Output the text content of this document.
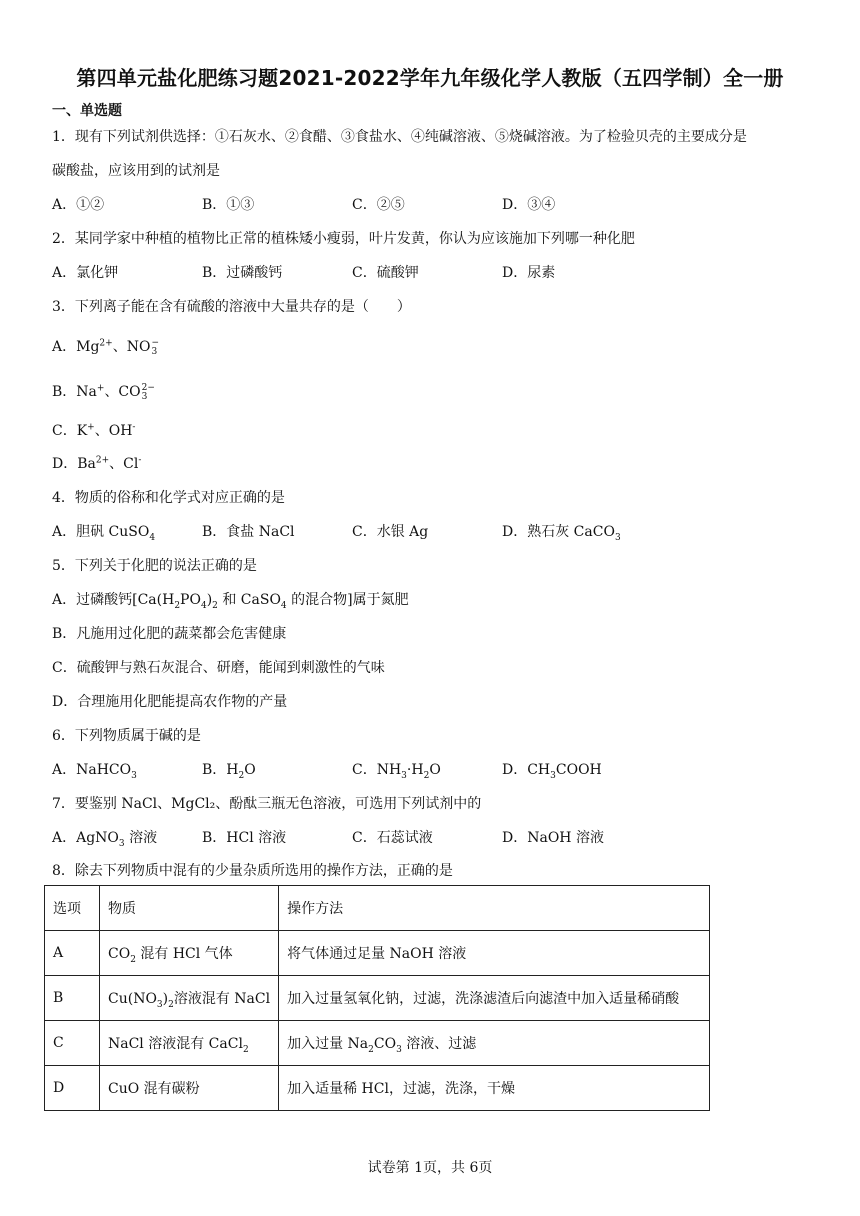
第四单元盐化肥练习题2021-2022学年九年级化学人教版（五四学制）全一册
一、单选题
1．现有下列试剂供选择：①石灰水、②食醋、③食盐水、④纯碱溶液、⑤烧碱溶液。为了检验贝壳的主要成分是
碳酸盐，应该用到的试剂是
A．①②	B．①③	C．②⑤	D．③④
2．某同学家中种植的植物比正常的植株矮小瘦弱，叶片发黄，你认为应该施加下列哪一种化肥
A．氯化钾	B．过磷酸钙	C．硫酸钾	D．尿素
3．下列离子能在含有硫酸的溶液中大量共存的是（　　）
A．$Mg^{2+}$、NO −
3
B．Na+、CO 2−
3
C．K+、OH-
D．$Ba^{2+}$、Cl-
4．物质的俗称和化学式对应正确的是
A．胆矾 CuSO$_4$	B．食盐 NaCl	C．水银 Ag	D．熟石灰 CaCO$_3$
5．下列关于化肥的说法正确的是
A．过磷酸钙[$Ca(H_2PO_4)_2$ 和 CaSO$_4$ 的混合物]属于氮肥
B．凡施用过化肥的蔬菜都会危害健康
C．硫酸钾与熟石灰混合、研磨，能闻到刺激性的气味
D．合理施用化肥能提高农作物的产量
6．下列物质属于碱的是
A．NaHCO$_3$	B．$H_2O$	C．$NH_3\cdot H_2O$	D．$CH_3COOH$
7．要鉴别 NaCl、MgCl₂、酚酞三瓶无色溶液，可选用下列试剂中的
A．AgNO$_3$ 溶液	B．HCl 溶液	C．石蕊试液	D．NaOH 溶液
8．除去下列物质中混有的少量杂质所选用的操作方法，正确的是
选项	物质	操作方法
A	$CO_2$ 混有 HCl 气体	将气体通过足量 NaOH 溶液
B	$Cu(NO_3)_2$溶液混有 NaCl	加入过量氢氧化钠，过滤，洗涤滤渣后向滤渣中加入适量稀硝酸
C	NaCl 溶液混有 CaCl$_2$	加入过量 $Na_2CO_3$ 溶液、过滤
D	CuO 混有碳粉	加入适量稀 HCl，过滤，洗涤，干燥
试卷第 1页，共 6页
